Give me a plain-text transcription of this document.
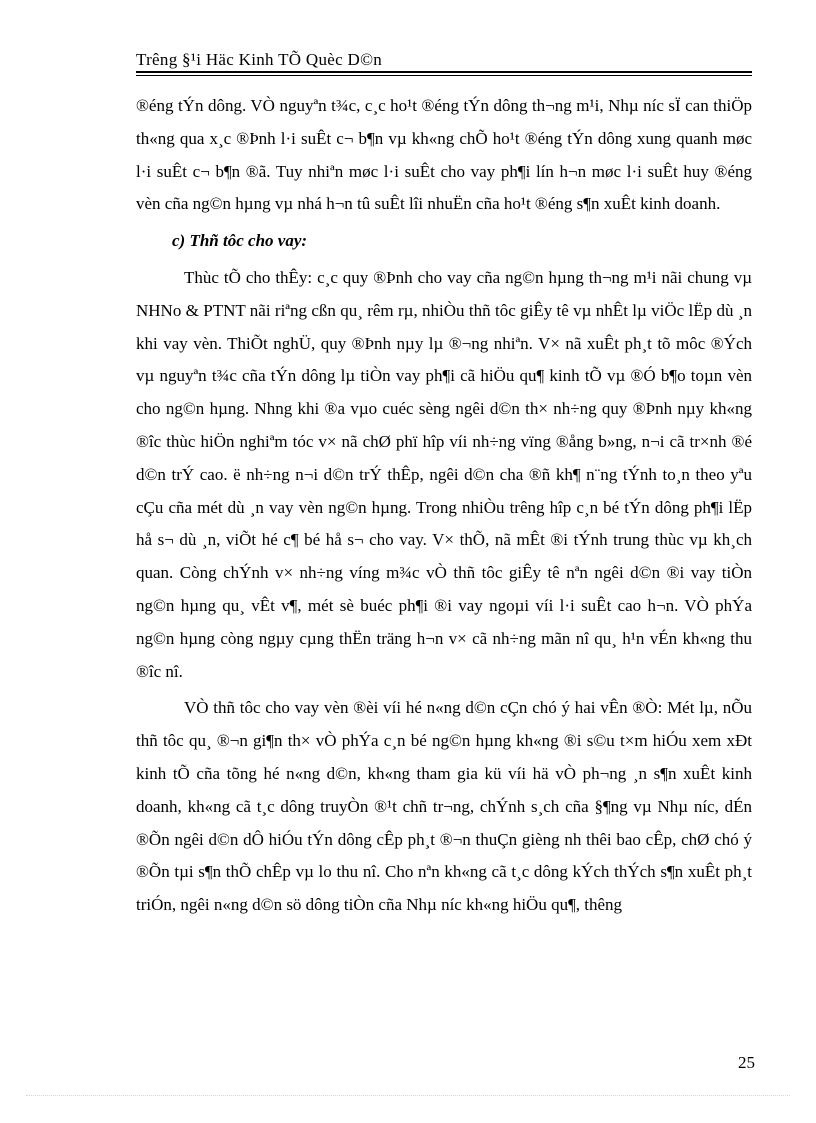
Trêng §¹i Häc Kinh TÕ Quèc D©n

®éng tÝn dông. VÒ nguyªn t¾c, c¸c ho¹t ®éng tÝn dông th¬ng m¹i, Nhµ níc sÏ can thiÖp th«ng qua x¸c ®Þnh l·i suÊt c¬ b¶n vµ kh«ng chÕ ho¹t ®éng tÝn dông xung quanh møc l·i suÊt c¬ b¶n ®ã. Tuy nhiªn møc l·i suÊt cho vay ph¶i lín h¬n møc l·i suÊt huy ®éng vèn cña ng©n hµng vµ nhá h¬n tû suÊt lîi nhuËn cña ho¹t ®éng s¶n xuÊt kinh doanh.

c) Thñ tôc cho vay:

Thùc tÕ cho thÊy: c¸c quy ®Þnh cho vay cña ng©n hµng th¬ng m¹i nãi chung vµ NHNo & PTNT nãi riªng cßn qu¸ rêm rµ, nhiÒu thñ tôc giÊy tê vµ nhÊt lµ viÖc lËp dù ¸n khi vay vèn. ThiÕt nghÜ, quy ®Þnh nµy lµ ®¬ng nhiªn. V× nã xuÊt ph¸t tõ môc ®Ých vµ nguyªn t¾c cña tÝn dông lµ tiÒn vay ph¶i cã hiÖu qu¶ kinh tÕ vµ ®Ó b¶o toµn vèn cho ng©n hµng. Nhng khi ®a vµo cuéc sèng ngêi d©n th× nh÷ng quy ®Þnh nµy kh«ng ®îc thùc hiÖn nghiªm tóc v× nã chØ phï hîp víi nh÷ng vïng ®ång b»ng, n¬i cã tr×nh ®é d©n trÝ cao. ë nh÷ng n¬i d©n trÝ thÊp, ngêi d©n cha ®ñ kh¶ n¨ng tÝnh to¸n theo yªu cÇu cña mét dù ¸n vay vèn ng©n hµng. Trong nhiÒu trêng hîp c¸n bé tÝn dông ph¶i lËp hå s¬ dù ¸n, viÕt hé c¶ bé hå s¬ cho vay. V× thÕ, nã mÊt ®i tÝnh trung thùc vµ kh¸ch quan. Còng chÝnh v× nh÷ng víng m¾c vÒ thñ tôc giÊy tê nªn ngêi d©n ®i vay tiÒn ng©n hµng qu¸ vÊt v¶, mét sè buéc ph¶i ®i vay ngoµi víi l·i suÊt cao h¬n. VÒ phÝa ng©n hµng còng ngµy cµng thËn träng h¬n v× cã nh÷ng mãn nî qu¸ h¹n vÉn kh«ng thu ®îc nî.

VÒ thñ tôc cho vay vèn ®èi víi hé n«ng d©n cÇn chó ý hai vÊn ®Ò: Mét lµ, nÕu thñ tôc qu¸ ®¬n gi¶n th× vÒ phÝa c¸n bé ng©n hµng kh«ng ®i s©u t×m hiÓu xem xÐt kinh tÕ cña tõng hé n«ng d©n, kh«ng tham gia kü víi hä vÒ ph¬ng ¸n s¶n xuÊt kinh doanh, kh«ng cã t¸c dông truyÒn ®¹t chñ tr¬ng, chÝnh s¸ch cña §¶ng vµ Nhµ níc, dÉn ®Õn ngêi d©n dÔ hiÓu tÝn dông cÊp ph¸t ®¬n thuÇn gièng nh thêi bao cÊp, chØ chó ý ®Õn tµi s¶n thÕ chÊp vµ lo thu nî. Cho nªn kh«ng cã t¸c dông kÝch thÝch s¶n xuÊt ph¸t triÓn, ngêi n«ng d©n sö dông tiÒn cña Nhµ níc kh«ng hiÖu qu¶, thêng

25
